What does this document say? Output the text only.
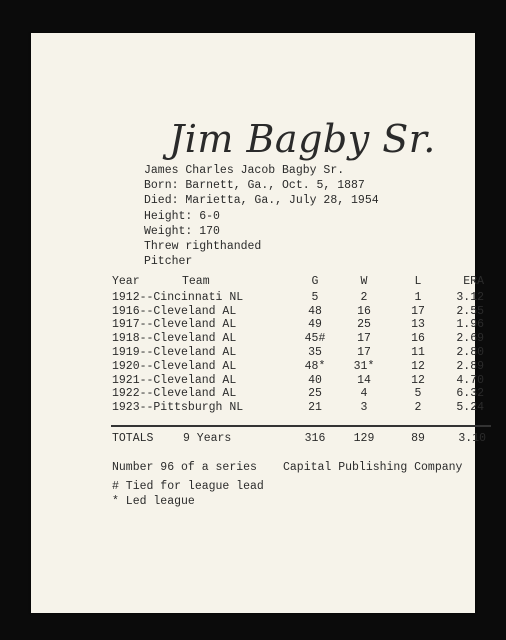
Jim Bagby Sr.
James Charles Jacob Bagby Sr.
Born: Barnett, Ga., Oct. 5, 1887
Died: Marietta, Ga., July 28, 1954
Height: 6-0
Weight: 170
Threw righthanded
Pitcher
Year	Team	G	W	L	ERA
1912--Cincinnati NL	5	2	1	3.12
1916--Cleveland AL	48	16	17	2.55
1917--Cleveland AL	49	25	13	1.96
1918--Cleveland AL	45#	17	16	2.69
1919--Cleveland AL	35	17	11	2.80
1920--Cleveland AL	48*	31*	12	2.89
1921--Cleveland AL	40	14	12	4.70
1922--Cleveland AL	25	4	5	6.32
1923--Pittsburgh NL	21	3	2	5.24
TOTALS	9 Years	316	129	89	3.10
Number 96 of a series Capital Publishing Company
# Tied for league lead
* Led league
